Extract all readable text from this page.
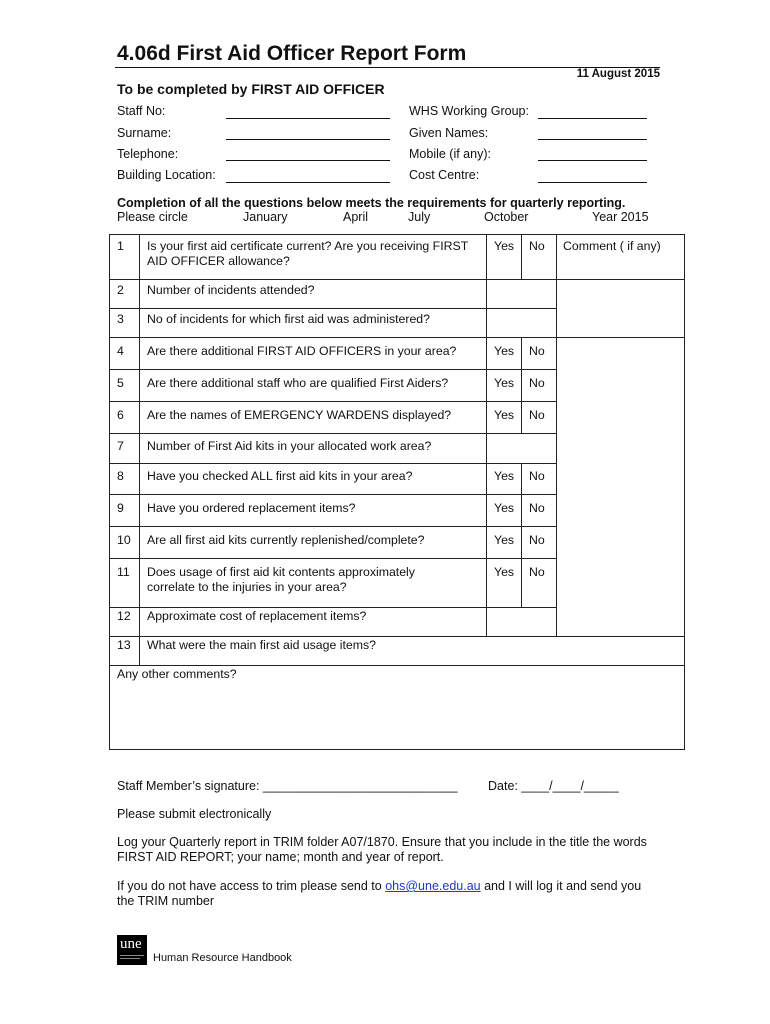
4.06d First Aid Officer Report Form
11 August 2015
To be completed by FIRST AID OFFICER
Staff No:
Surname:
Telephone:
Building Location:
WHS Working Group:
Given Names:
Mobile (if any):
Cost Centre:
Completion of all the questions below meets the requirements for quarterly reporting.
Please circle	January	April	July	October	Year 2015
1 Is your first aid certificate current? Are you receiving FIRST AID OFFICER allowance?
Yes No Comment ( if any)
2 Number of incidents attended?
3 No of incidents for which first aid was administered?
4 Are there additional FIRST AID OFFICERS in your area?	Yes No
5 Are there additional staff who are qualified First Aiders?	Yes No
6 Are the names of EMERGENCY WARDENS displayed?	Yes No
7 Number of First Aid kits in your allocated work area?
8 Have you checked ALL first aid kits in your area?	Yes No
9 Have you ordered replacement items?	Yes No
10 Are all first aid kits currently replenished/complete?	Yes No
11 Does usage of first aid kit contents approximately correlate to the injuries in your area?
Yes No
12 Approximate cost of replacement items?
13 What were the main first aid usage items?
Any other comments?
Staff Member’s signature: ____________________________ Date: ____/____/_____
Please submit electronically
Log your Quarterly report in TRIM folder A07/1870. Ensure that you include in the title the words FIRST AID REPORT; your name; month and year of report.
If you do not have access to trim please send to ohs@une.edu.au and I will log it and send you the TRIM number
une
Human Resource Handbook
